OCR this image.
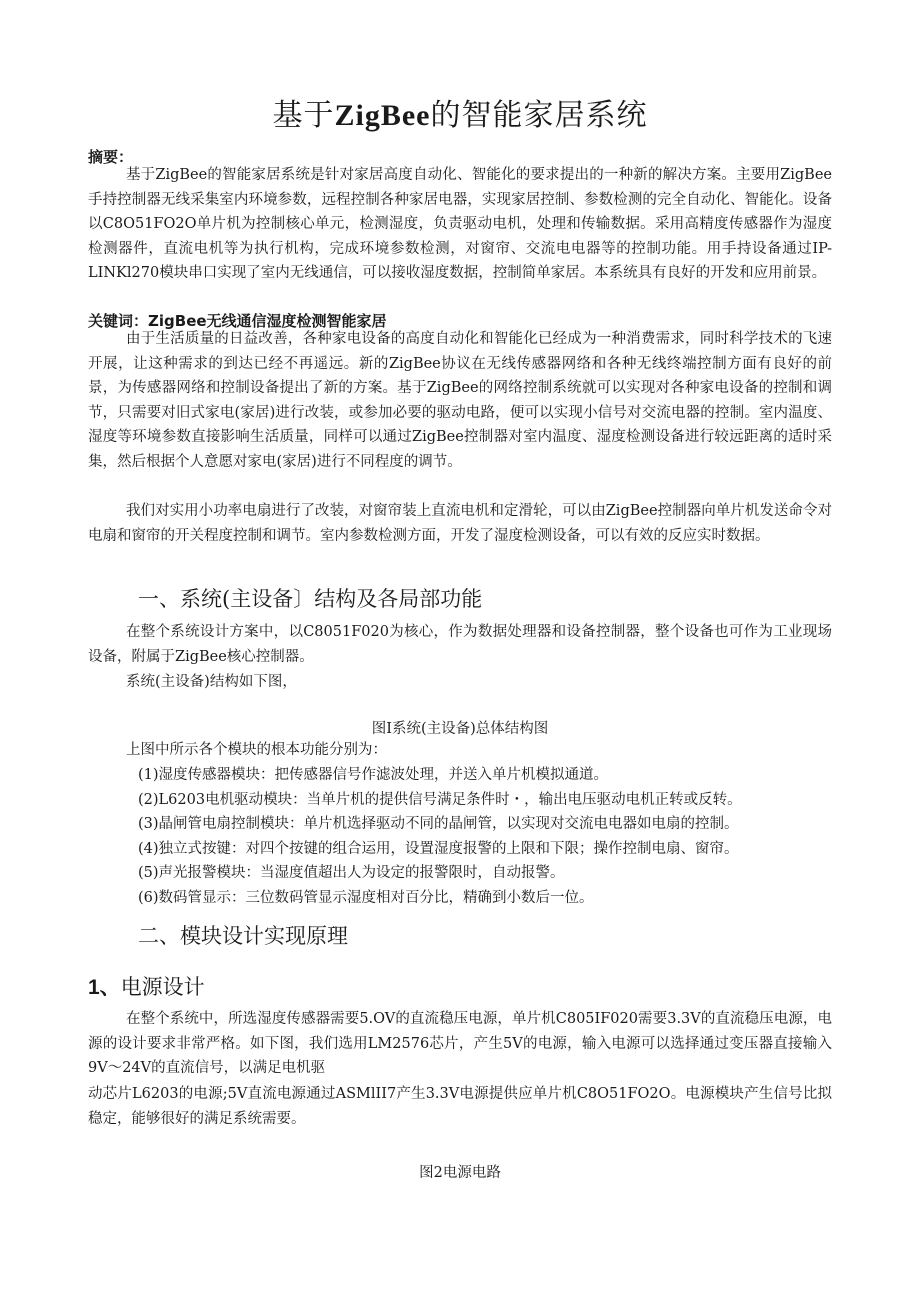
基于ZigBee的智能家居系统
摘要：

基于ZigBee的智能家居系统是针对家居高度自动化、智能化的要求提出的一种新的解决方案。主要用ZigBee手持控制器无线采集室内环境参数，远程控制各种家居电器，实现家居控制、参数检测的完全自动化、智能化。设备以C8O51FO2O单片机为控制核心单元，检测湿度，负责驱动电机，处理和传输数据。采用高精度传感器作为湿度检测器件，直流电机等为执行机构，完成环境参数检测，对窗帘、交流电电器等的控制功能。用手持设备通过IP-LINKl270模块串口实现了室内无线通信，可以接收湿度数据，控制简单家居。本系统具有良好的开发和应用前景。

关键词：ZigBee无线通信湿度检测智能家居

由于生活质量的日益改善，各种家电设备的高度自动化和智能化已经成为一种消费需求，同时科学技术的飞速开展，让这种需求的到达已经不再遥远。新的ZigBee协议在无线传感器网络和各种无线终端控制方面有良好的前景，为传感器网络和控制设备提出了新的方案。基于ZigBee的网络控制系统就可以实现对各种家电设备的控制和调节，只需要对旧式家电(家居)进行改装，或参加必要的驱动电路，便可以实现小信号对交流电器的控制。室内温度、湿度等环境参数直接影响生活质量，同样可以通过ZigBee控制器对室内温度、湿度检测设备进行较远距离的适时采集，然后根据个人意愿对家电(家居)进行不同程度的调节。

我们对实用小功率电扇进行了改装，对窗帘装上直流电机和定滑轮，可以由ZigBee控制器向单片机发送命令对电扇和窗帘的开关程度控制和调节。室内参数检测方面，开发了湿度检测设备，可以有效的反应实时数据。

一、系统(主设备〕结构及各局部功能

在整个系统设计方案中，以C8051F020为核心，作为数据处理器和设备控制器，整个设备也可作为工业现场设备，附属于ZigBee核心控制器。

系统(主设备)结构如下图，

图I系统(主设备)总体结构图

上图中所示各个模块的根本功能分别为：

(1)湿度传感器模块：把传感器信号作滤波处理，并送入单片机模拟通道。
(2)L6203电机驱动模块：当单片机的提供信号满足条件时・，输出电压驱动电机正转或反转。
(3)晶闸管电扇控制模块：单片机选择驱动不同的晶闸管，以实现对交流电电器如电扇的控制。
(4)独立式按键：对四个按键的组合运用，设置湿度报警的上限和下限；操作控制电扇、窗帘。
(5)声光报警模块：当湿度值超出人为设定的报警限时，自动报警。
(6)数码管显示：三位数码管显示湿度相对百分比，精确到小数后一位。
二、模块设计实现原理
1、电源设计

在整个系统中，所选湿度传感器需要5.OV的直流稳压电源，单片机C805IF020需要3.3V的直流稳压电源，电源的设计要求非常严格。如下图，我们选用LM2576芯片，产生5V的电源，输入电源可以选择通过变压器直接输入9V～24V的直流信号，以满足电机驱

动芯片L6203的电源;5V直流电源通过ASMlII7产生3.3V电源提供应单片机C8O51FO2O。电源模块产生信号比拟稳定，能够很好的满足系统需要。

图2电源电路
